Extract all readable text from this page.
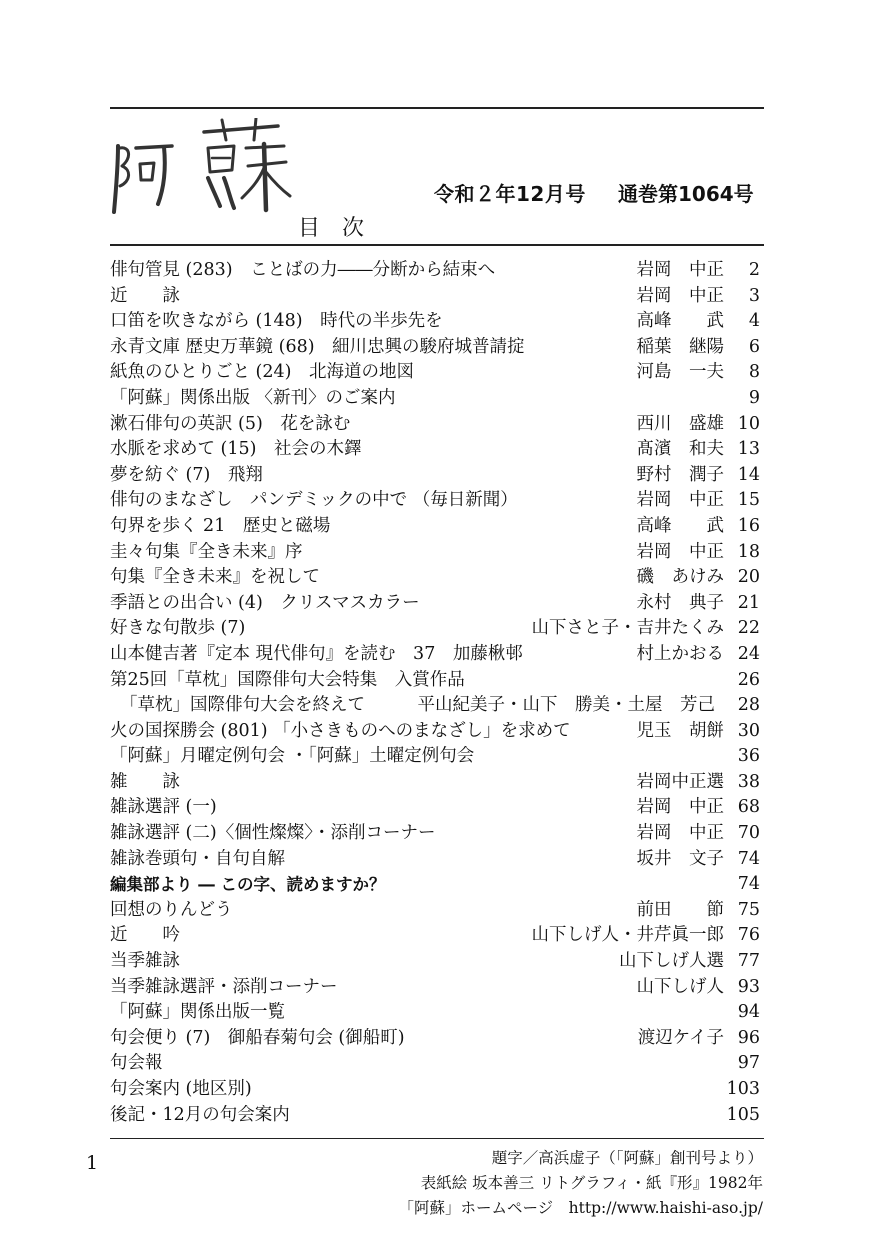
令和２年12月号 通巻第1064号
目次
俳句管見 (283)　ことばの力――分断から結束へ	岩岡　中正	2
近　　詠	岩岡　中正	3
口笛を吹きながら (148)　時代の半歩先を	高峰　　武	4
永青文庫 歴史万華鏡 (68)　細川忠興の駿府城普請掟	稲葉　継陽	6
紙魚のひとりごと (24)　北海道の地図	河島　一夫	8
「阿蘇」関係出版 〈新刊〉のご案内	9
漱石俳句の英訳 (5)　花を詠む	西川　盛雄 10
水脈を求めて (15)　社会の木鐸	髙濱　和夫 13
夢を紡ぐ (7)　飛翔	野村　潤子 14
俳句のまなざし　パンデミックの中で （毎日新聞）	岩岡　中正 15
句界を歩く 21　歴史と磁場	高峰　　武 16
圭々句集『全き未来』序	岩岡　中正 18
句集『全き未来』を祝して	磯　あけみ 20
季語との出合い (4)　クリスマスカラー	永村　典子 21
好きな句散歩 (7)	山下さと子・吉井たくみ 22
山本健吉著『定本 現代俳句』を読む　37　加藤楸邨	村上かおる 24
第25回「草枕」国際俳句大会特集　入賞作品	26
「草枕」国際俳句大会を終えて　　　平山紀美子・山下　勝美・土屋　芳己	28
火の国探勝会 (801) 「小さきものへのまなざし」を求めて	児玉　胡餅 30
「阿蘇」月曜定例句会 ・「阿蘇」土曜定例句会	36
雑　　詠	岩岡中正選 38
雑詠選評 (一)	岩岡　中正 68
雑詠選評 (二)〈個性燦燦〉・添削コーナー	岩岡　中正 70
雑詠巻頭句・自句自解	坂井　文子 74
編集部より ― この字、読めますか？	74
回想のりんどう	前田　　節 75
近　　吟	山下しげ人・井芹眞一郎 76
当季雑詠	山下しげ人選 77
当季雑詠選評・添削コーナー	山下しげ人 93
「阿蘇」関係出版一覧	94
句会便り (7)　御船春菊句会 (御船町)	渡辺ケイ子 96
句会報	97
句会案内 (地区別)	103
後記・12月の句会案内	105
1	題字／高浜虚子（「阿蘇」創刊号より）
表紙絵 坂本善三 リトグラフィ・紙『形』1982年
「阿蘇」ホームページ　http://www.haishi-aso.jp/
